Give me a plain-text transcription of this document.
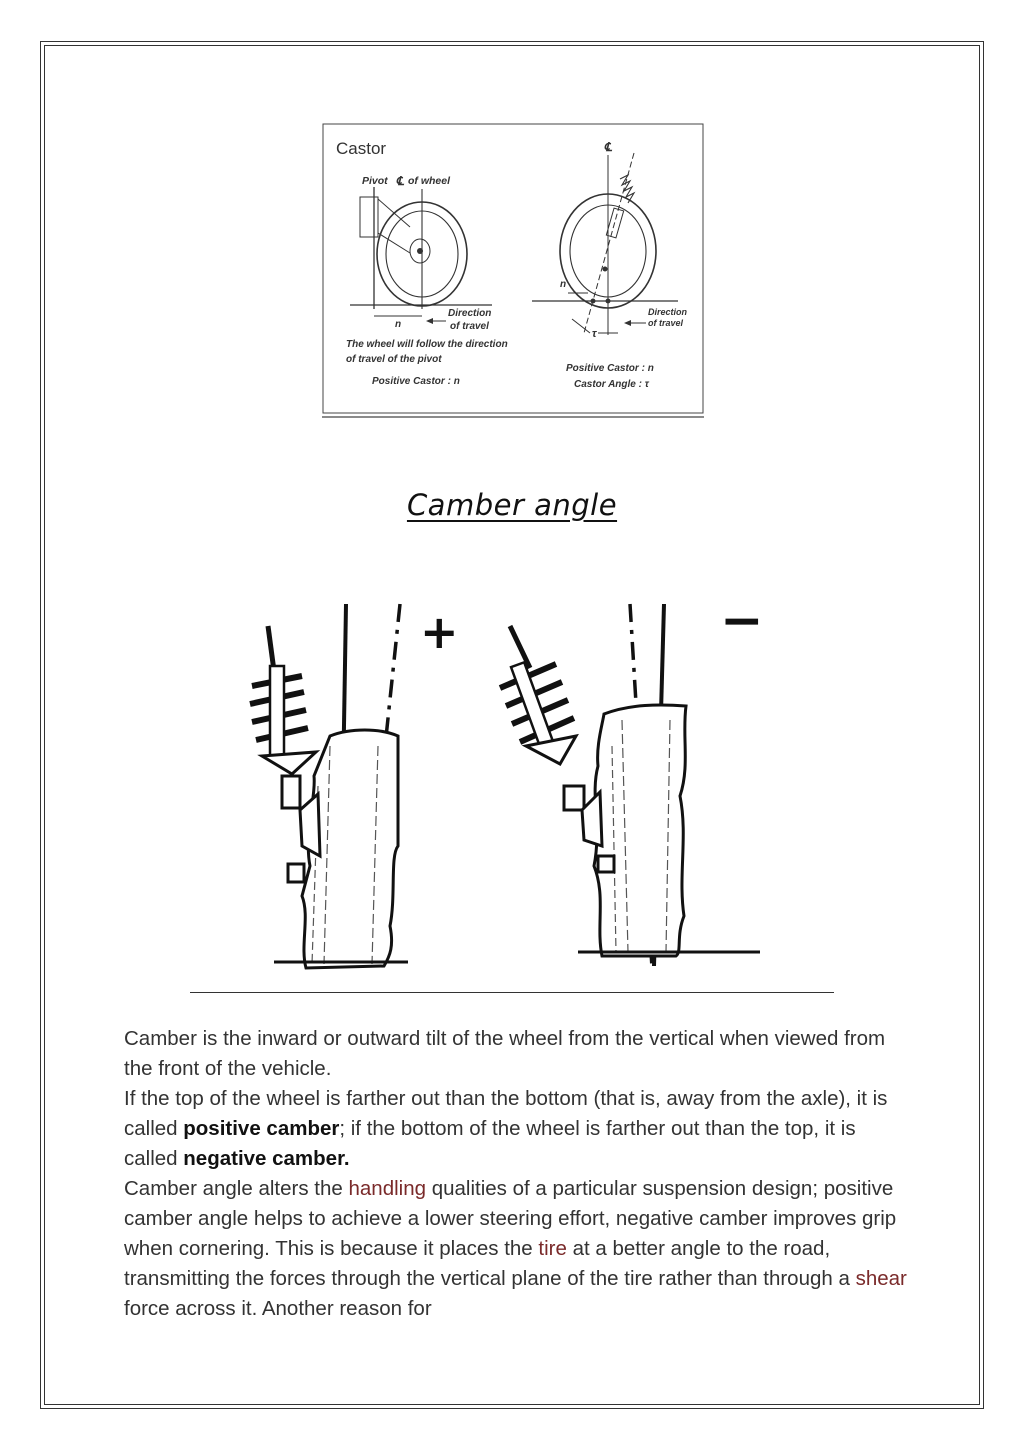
Castor
Pivot ℄ of wheel
n
Direction
of travel
The wheel will follow the direction
of travel of the pivot
Positive Castor : n
℄
n
τ
Direction
of travel
Positive Castor : n
Castor Angle : τ
Camber angle
+	−

Camber is the inward or outward tilt of the wheel from the vertical when viewed from the front of the vehicle.

If the top of the wheel is farther out than the bottom (that is, away from the axle), it is called positive camber; if the bottom of the wheel is farther out than the top, it is called negative camber.

Camber angle alters the handling qualities of a particular suspension design; positive camber angle helps to achieve a lower steering effort, negative camber improves grip when cornering. This is because it places the tire at a better angle to the road, transmitting the forces through the vertical plane of the tire rather than through a shear force across it. Another reason for
